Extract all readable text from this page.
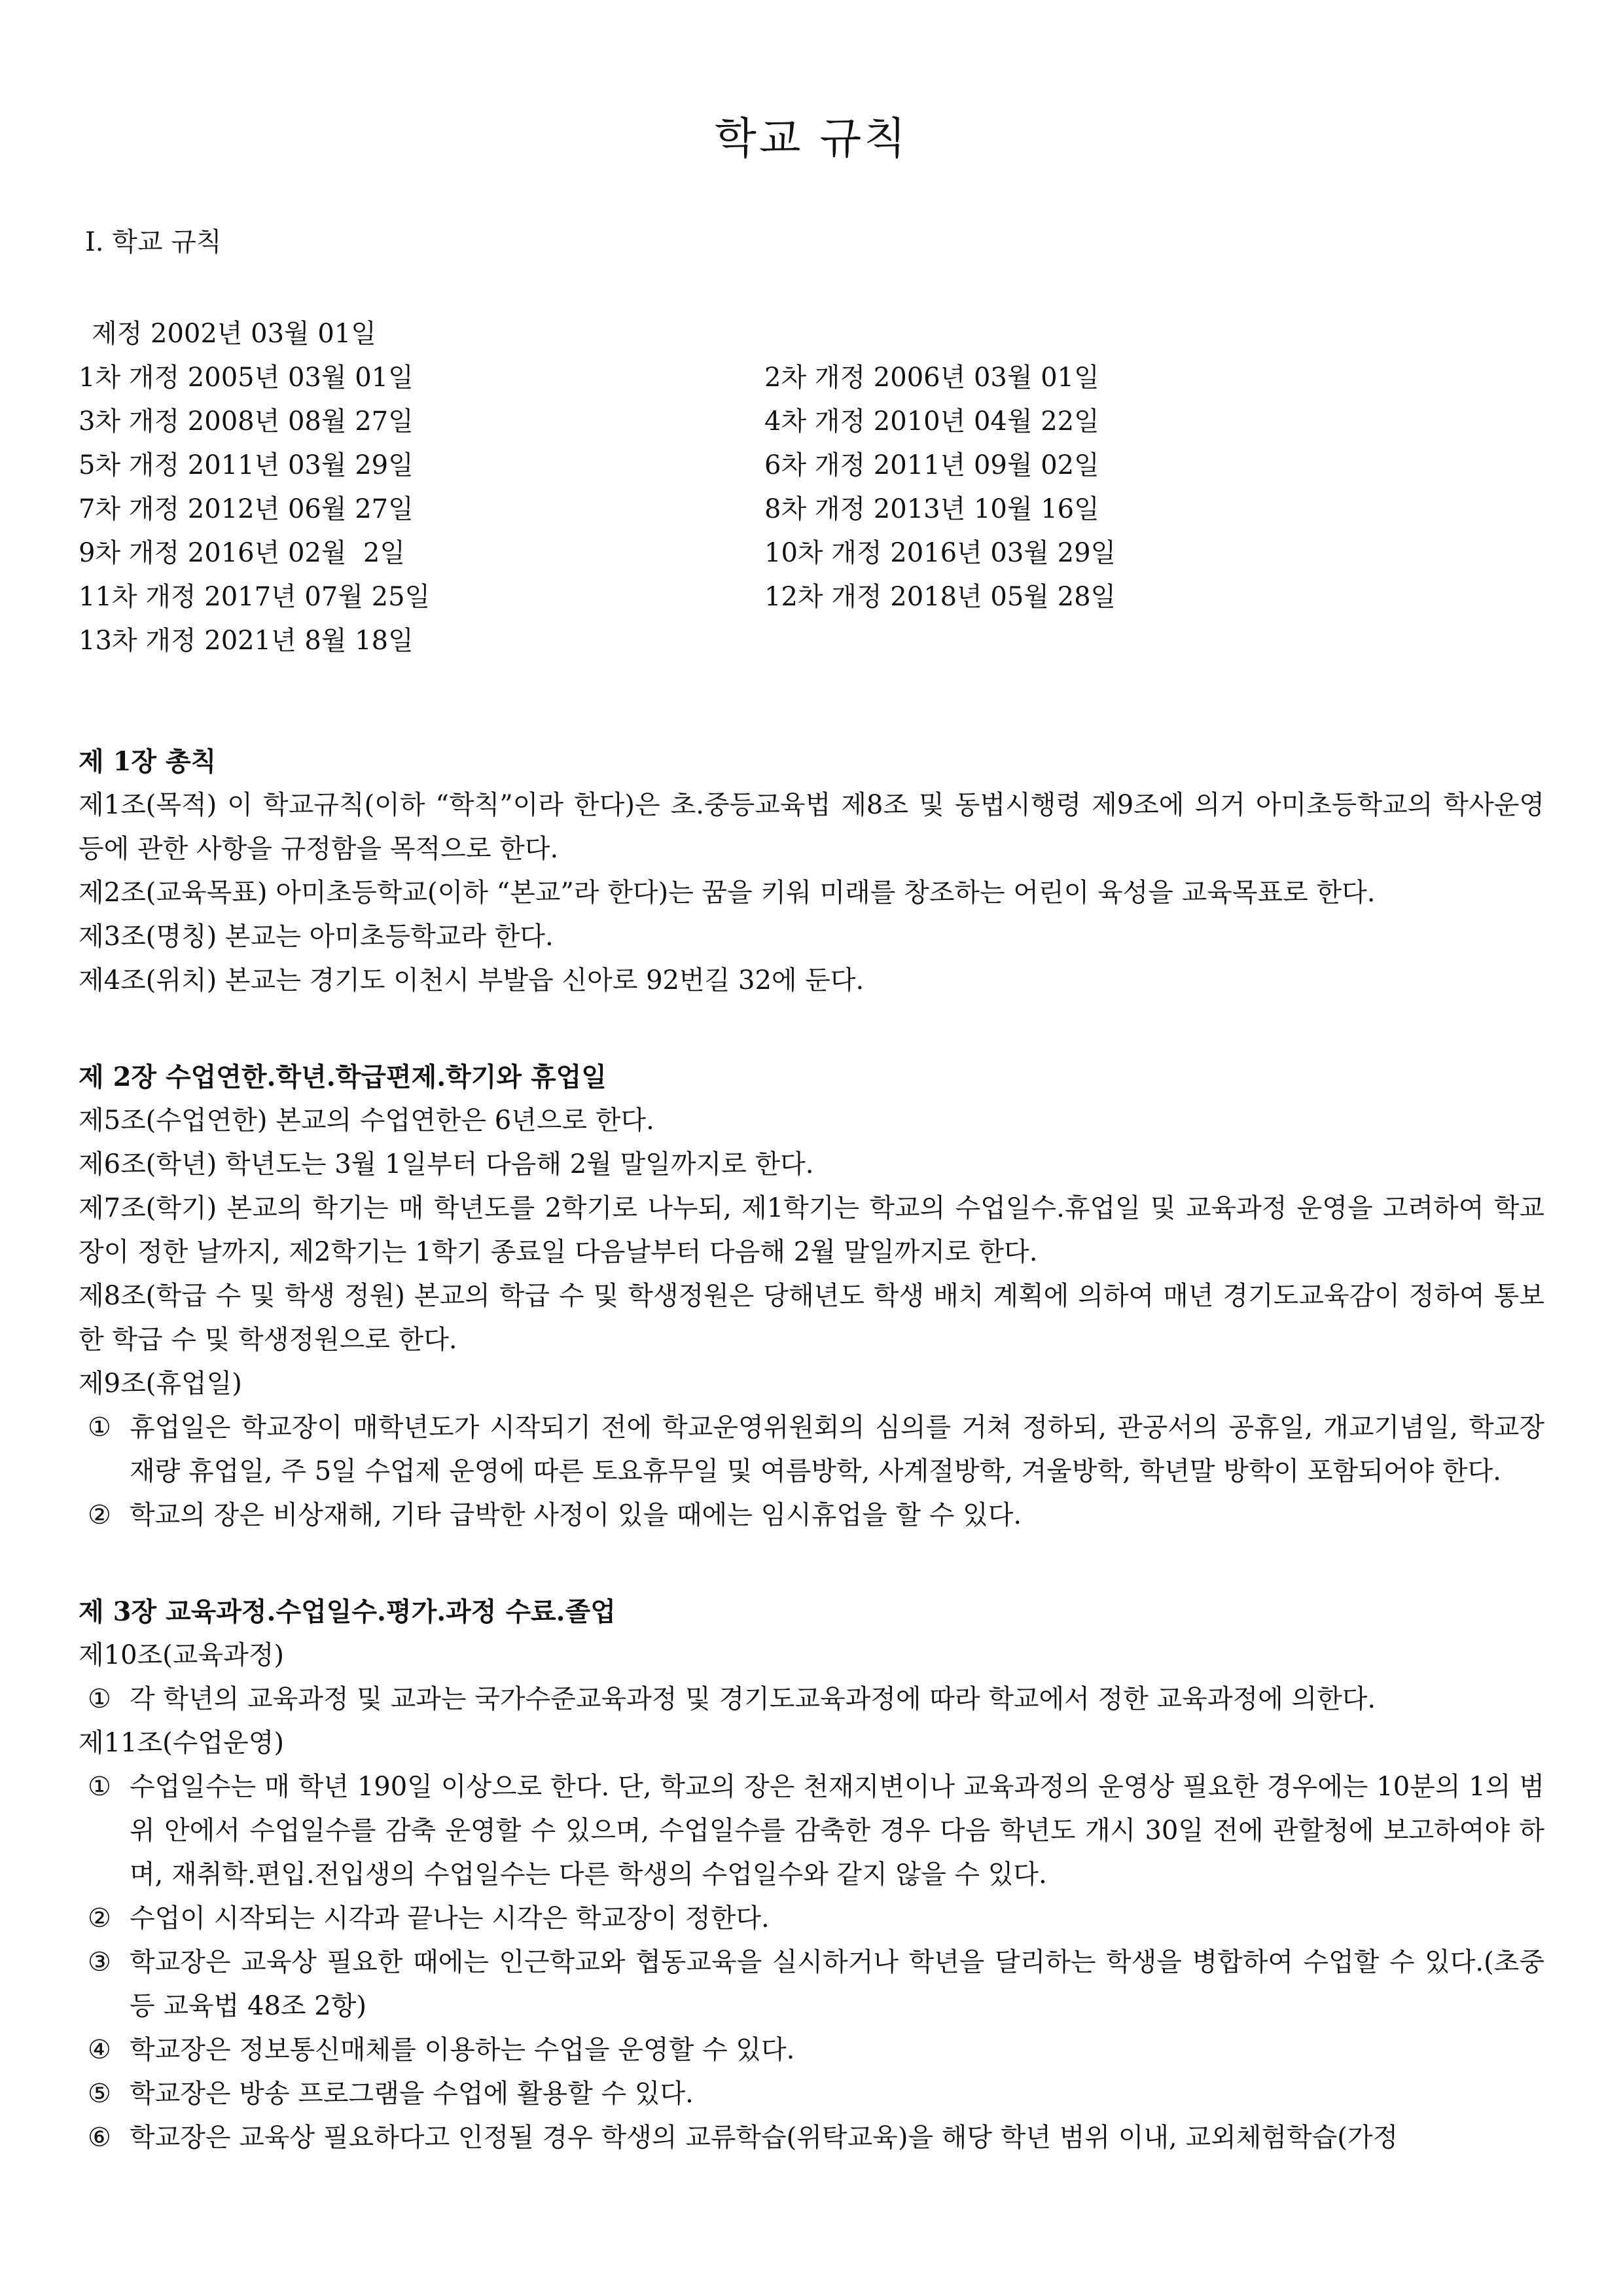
학교 규칙
Ⅰ. 학교 규칙
제정 2002년 03월 01일
1차 개정 2005년 03월 01일	2차 개정 2006년 03월 01일
3차 개정 2008년 08월 27일	4차 개정 2010년 04월 22일
5차 개정 2011년 03월 29일	6차 개정 2011년 09월 02일
7차 개정 2012년 06월 27일	8차 개정 2013년 10월 16일
9차 개정 2016년 02월  2일	10차 개정 2016년 03월 29일
11차 개정 2017년 07월 25일	12차 개정 2018년 05월 28일
13차 개정 2021년 8월 18일
제 1장 총칙
제1조(목적) 이 학교규칙(이하 “학칙”이라 한다)은 초.중등교육법 제8조 및 동법시행령 제9조에 의거 아미초등학교의 학사운영 등에 관한 사항을 규정함을 목적으로 한다.
제2조(교육목표) 아미초등학교(이하 “본교”라 한다)는 꿈을 키워 미래를 창조하는 어린이 육성을 교육목표로 한다.
제3조(명칭) 본교는 아미초등학교라 한다.
제4조(위치) 본교는 경기도 이천시 부발읍 신아로 92번길 32에 둔다.
제 2장 수업연한.학년.학급편제.학기와 휴업일
제5조(수업연한) 본교의 수업연한은 6년으로 한다.
제6조(학년) 학년도는 3월 1일부터 다음해 2월 말일까지로 한다.
제7조(학기) 본교의 학기는 매 학년도를 2학기로 나누되, 제1학기는 학교의 수업일수.휴업일 및 교육과정 운영을 고려하여 학교장이 정한 날까지, 제2학기는 1학기 종료일 다음날부터 다음해 2월 말일까지로 한다.
제8조(학급 수 및 학생 정원) 본교의 학급 수 및 학생정원은 당해년도 학생 배치 계획에 의하여 매년 경기도교육감이 정하여 통보한 학급 수 및 학생정원으로 한다.
제9조(휴업일)
① 휴업일은 학교장이 매학년도가 시작되기 전에 학교운영위원회의 심의를 거쳐 정하되, 관공서의 공휴일, 개교기념일, 학교장 재량 휴업일, 주 5일 수업제 운영에 따른 토요휴무일 및 여름방학, 사계절방학, 겨울방학, 학년말 방학이 포함되어야 한다.
② 학교의 장은 비상재해, 기타 급박한 사정이 있을 때에는 임시휴업을 할 수 있다.
제 3장 교육과정.수업일수.평가.과정 수료.졸업
제10조(교육과정)
① 각 학년의 교육과정 및 교과는 국가수준교육과정 및 경기도교육과정에 따라 학교에서 정한 교육과정에 의한다.
제11조(수업운영)
① 수업일수는 매 학년 190일 이상으로 한다. 단, 학교의 장은 천재지변이나 교육과정의 운영상 필요한 경우에는 10분의 1의 범위 안에서 수업일수를 감축 운영할 수 있으며, 수업일수를 감축한 경우 다음 학년도 개시 30일 전에 관할청에 보고하여야 하며, 재취학.편입.전입생의 수업일수는 다른 학생의 수업일수와 같지 않을 수 있다.
② 수업이 시작되는 시각과 끝나는 시각은 학교장이 정한다.
③ 학교장은 교육상 필요한 때에는 인근학교와 협동교육을 실시하거나 학년을 달리하는 학생을 병합하여 수업할 수 있다.(초중등 교육법 48조 2항)
④ 학교장은 정보통신매체를 이용하는 수업을 운영할 수 있다.
⑤ 학교장은 방송 프로그램을 수업에 활용할 수 있다.
⑥ 학교장은 교육상 필요하다고 인정될 경우 학생의 교류학습(위탁교육)을 해당 학년 범위 이내, 교외체험학습(가정
